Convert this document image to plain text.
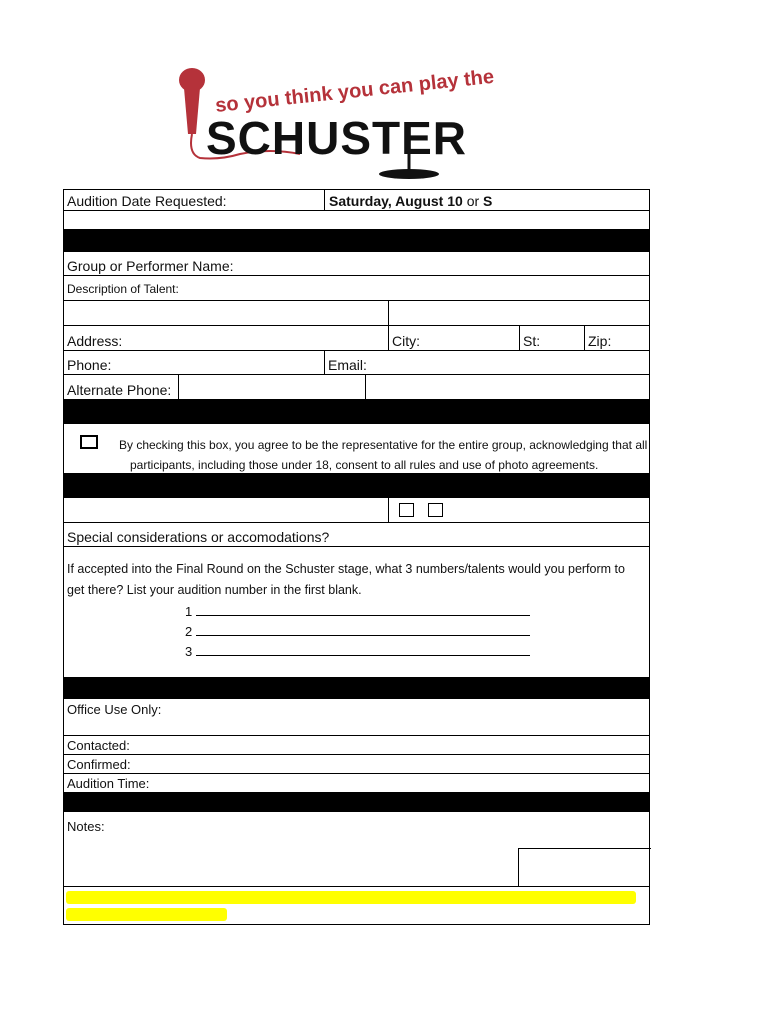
so you think you can play the
SCHUSTER
Audition Date Requested:	Saturday, August 10 or S
Group or Performer Name:
Description of Talent:
Address:	City:	St:	Zip:
Phone:	Email:
Alternate Phone:
By checking this box, you agree to be the representative for the entire group, acknowledging that all
participants, including those under 18, consent to all rules and use of photo agreements.
Special considerations or accomodations?
If accepted into the Final Round on the Schuster stage, what 3 numbers/talents would you perform to
get there? List your audition number in the first blank.
1
2
3
Office Use Only:
Contacted:
Confirmed:
Audition Time:
Notes:
